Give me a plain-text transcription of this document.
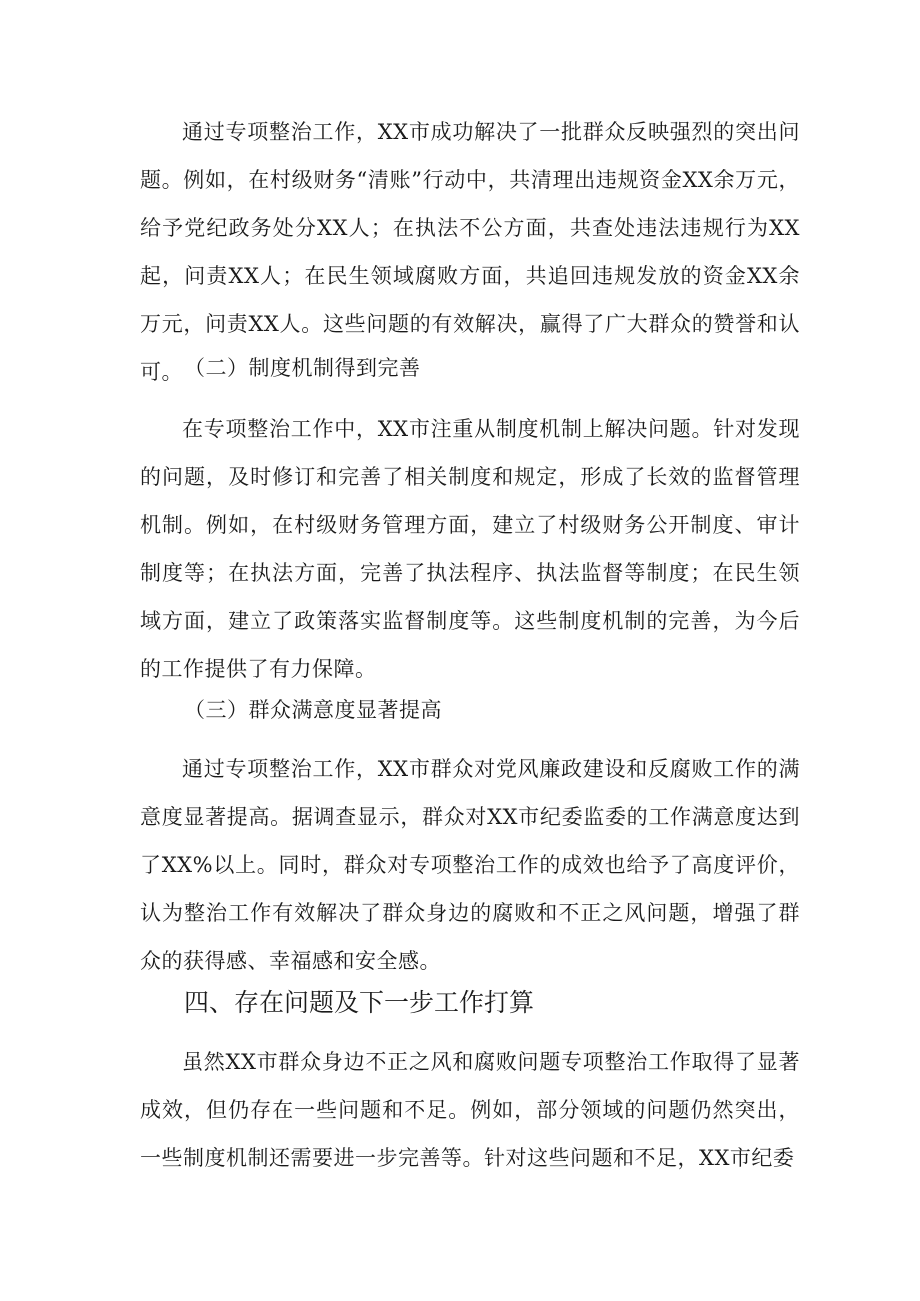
通过专项整治工作，XX市成功解决了一批群众反映强烈的突出问题。例如，在村级财务“清账”行动中，共清理出违规资金XX余万元，给予党纪政务处分XX人；在执法不公方面，共查处违法违规行为XX起，问责XX人；在民生领域腐败方面，共追回违规发放的资金XX余万元，问责XX人。这些问题的有效解决，赢得了广大群众的赞誉和认可。 （二）制度机制得到完善

在专项整治工作中，XX市注重从制度机制上解决问题。针对发现的问题，及时修订和完善了相关制度和规定，形成了长效的监督管理机制。例如，在村级财务管理方面，建立了村级财务公开制度、审计制度等；在执法方面，完善了执法程序、执法监督等制度；在民生领域方面，建立了政策落实监督制度等。这些制度机制的完善，为今后的工作提供了有力保障。

（三）群众满意度显著提高

通过专项整治工作，XX市群众对党风廉政建设和反腐败工作的满意度显著提高。据调查显示，群众对XX市纪委监委的工作满意度达到了XX%以上。同时，群众对专项整治工作的成效也给予了高度评价，认为整治工作有效解决了群众身边的腐败和不正之风问题，增强了群众的获得感、幸福感和安全感。

四、存在问题及下一步工作打算

虽然XX市群众身边不正之风和腐败问题专项整治工作取得了显著成效，但仍存在一些问题和不足。例如，部分领域的问题仍然突出，一些制度机制还需要进一步完善等。针对这些问题和不足，XX市纪委
